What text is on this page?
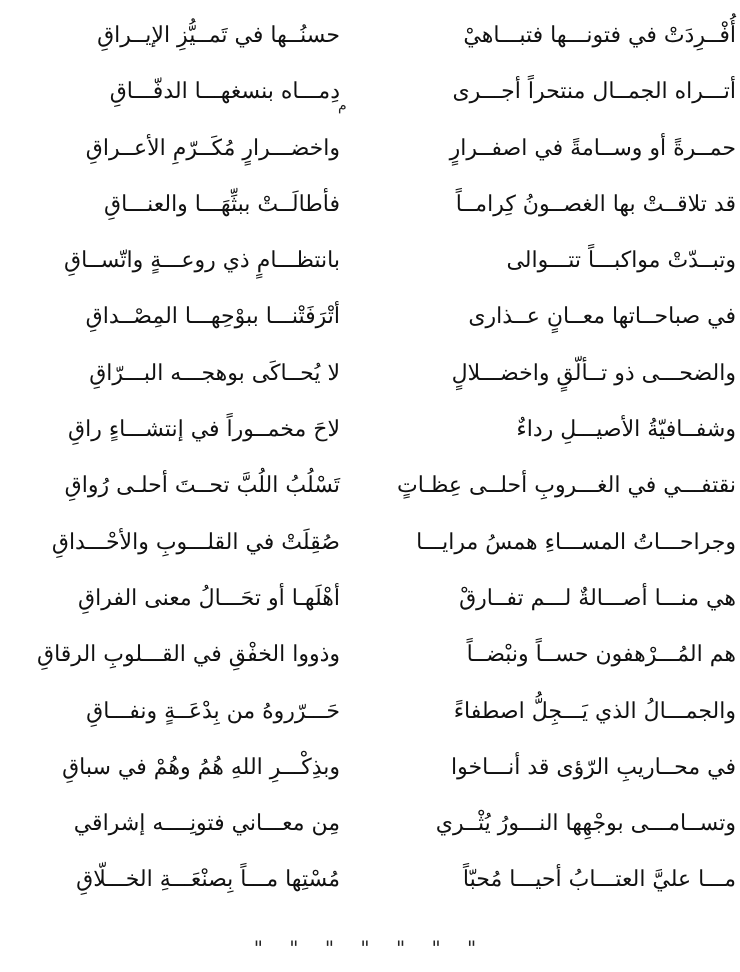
أُفْــرِدَتْ في فتونـــها فتبـــاهيْ
حسنُــها في تَمــيُّزِ الإيــراقِ
أتـــراه الجمــال منتحراً أجـــرى
م
دِمـــاه بنسغهـــا الدفّـــاقِ
حمــرةً أو وســامةً في اصفــرارٍ
واخضـــرارٍ مُكَــرّمِ الأعــراقِ
قد تلاقــتْ بها الغصــونُ كِرامــاً
فأطالَــتْ ببثِّهَـــا والعنـــاقِ
وتبــدّتْ مواكبـــاً تتـــوالى
بانتظـــامٍ ذي روعـــةٍ واتّســاقِ
في صباحــاتها معــانٍ عــذارى
أتْرَفَتْنـــا ببوْحِهـــا المِصْــداقِ
والضحـــى ذو تــألّقٍ واخضـــلالٍ
لا يُحــاكَى بوهجـــه البـــرّاقِ
وشفــافيّةُ الأصيـــلِ رداءٌ
لاحَ مخمــوراً في إنتشـــاءٍ راقِ
نقتفـــي في الغـــروبِ أحلــى عِظـاتٍ
تَسْلُبُ اللُبَّ تحــتَ أحلـى رُواقِ
وجراحـــاتُ المســـاءِ همسُ مرايـــا
صُقِلَتْ في القلـــوبِ والأحْـــداقِ
هي منـــا أصـــالةٌ لـــم تفــارقْ
أهْلَهـا أو تحَـــالُ معنى الفراقِ
هم المُـــرْهفون حســاً ونبْضــاً
وذووا الخفْقِ في القـــلوبِ الرقاقِ
والجمـــالُ الذي يَـــجِلُّ اصطفاءً
حَـــرّروهُ من بِدْعَــةٍ ونفـــاقِ
في محــاريبِ الرّؤى قد أنـــاخوا
وبذِكْـــرِ اللهِ هُمُ وهُمْ في سباقِ
وتســامـــى بوجْهِها النـــورُ يُثْــري
مِن معـــاني فتونِــــه إشراقي
مـــا عليَّ العتـــابُ أحيـــا مُحبّاً
مُسْتِها مـــاً بِصنْعَـــةِ الخـــلّاقِ
" " " " " " "
